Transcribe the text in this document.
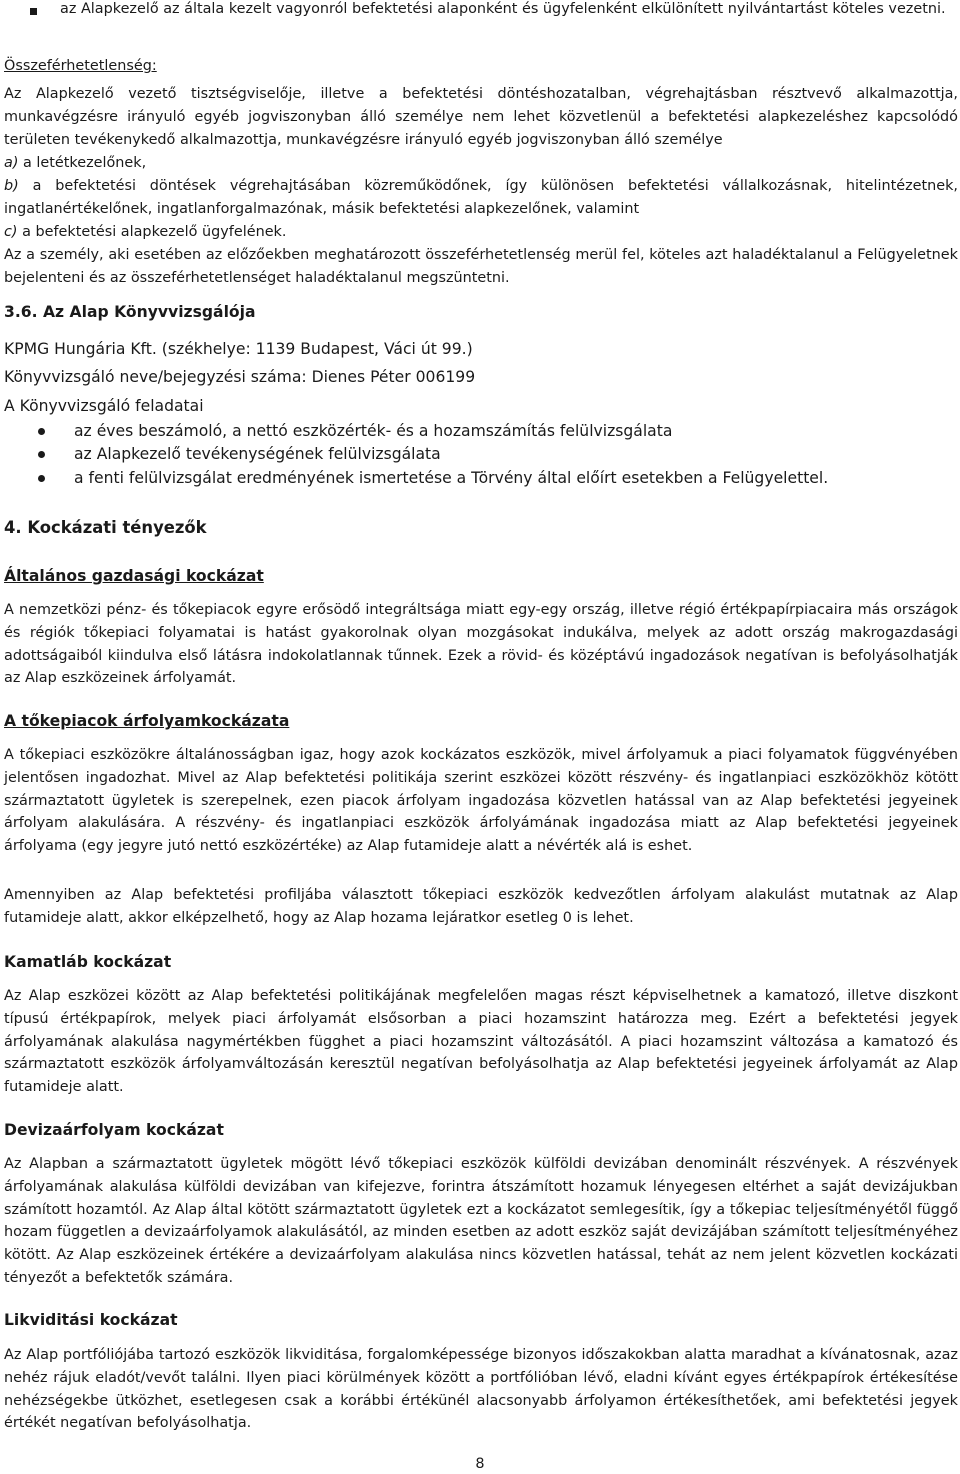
az Alapkezelő az általa kezelt vagyonról befektetési alaponként és ügyfelenként elkülönített nyilvántartást köteles vezetni.

Összeférhetetlenség:

Az Alapkezelő vezető tisztségviselője, illetve a befektetési döntéshozatalban, végrehajtásban résztvevő alkalmazottja, munkavégzésre irányuló egyéb jogviszonyban álló személye nem lehet közvetlenül a befektetési alapkezeléshez kapcsolódó területen tevékenykedő alkalmazottja, munkavégzésre irányuló egyéb jogviszonyban álló személye

a) a letétkezelőnek,

b) a befektetési döntések végrehajtásában közreműködőnek, így különösen befektetési vállalkozásnak, hitelintézetnek, ingatlanértékelőnek, ingatlanforgalmazónak, másik befektetési alapkezelőnek, valamint

c) a befektetési alapkezelő ügyfelének.

Az a személy, aki esetében az előzőekben meghatározott összeférhetetlenség merül fel, köteles azt haladéktalanul a Felügyeletnek bejelenteni és az összeférhetetlenséget haladéktalanul megszüntetni.

3.6. Az Alap Könyvvizsgálója

KPMG Hungária Kft. (székhelye: 1139 Budapest, Váci út 99.)

Könyvvizsgáló neve/bejegyzési száma: Dienes Péter 006199

A Könyvvizsgáló feladatai

az éves beszámoló, a nettó eszközérték- és a hozamszámítás felülvizsgálata
az Alapkezelő tevékenységének felülvizsgálata
a fenti felülvizsgálat eredményének ismertetése a Törvény által előírt esetekben a Felügyelettel.

4. Kockázati tényezők

Általános gazdasági kockázat

A nemzetközi pénz- és tőkepiacok egyre erősödő integráltsága miatt egy-egy ország, illetve régió értékpapírpiacaira más országok és régiók tőkepiaci folyamatai is hatást gyakorolnak olyan mozgásokat indukálva, melyek az adott ország makrogazdasági adottságaiból kiindulva első látásra indokolatlannak tűnnek. Ezek a rövid- és középtávú ingadozások negatívan is befolyásolhatják az Alap eszközeinek árfolyamát.

A tőkepiacok árfolyamkockázata

A tőkepiaci eszközökre általánosságban igaz, hogy azok kockázatos eszközök, mivel árfolyamuk a piaci folyamatok függvényében jelentősen ingadozhat. Mivel az Alap befektetési politikája szerint eszközei között részvény- és ingatlanpiaci eszközökhöz kötött származtatott ügyletek is szerepelnek, ezen piacok árfolyam ingadozása közvetlen hatással van az Alap befektetési jegyeinek árfolyam alakulására. A részvény- és ingatlanpiaci eszközök árfolyámának ingadozása miatt az Alap befektetési jegyeinek árfolyama (egy jegyre jutó nettó eszközértéke) az Alap futamideje alatt a névérték alá is eshet.

Amennyiben az Alap befektetési profiljába választott tőkepiaci eszközök kedvezőtlen árfolyam alakulást mutatnak az Alap futamideje alatt, akkor elképzelhető, hogy az Alap hozama lejáratkor esetleg 0 is lehet.

Kamatláb kockázat

Az Alap eszközei között az Alap befektetési politikájának megfelelően magas részt képviselhetnek a kamatozó, illetve diszkont típusú értékpapírok, melyek piaci árfolyamát elsősorban a piaci hozamszint határozza meg. Ezért a befektetési jegyek árfolyamának alakulása nagymértékben függhet a piaci hozamszint változásától. A piaci hozamszint változása a kamatozó és származtatott eszközök árfolyamváltozásán keresztül negatívan befolyásolhatja az Alap befektetési jegyeinek árfolyamát az Alap futamideje alatt.

Devizaárfolyam kockázat

Az Alapban a származtatott ügyletek mögött lévő tőkepiaci eszközök külföldi devizában denominált részvények. A részvények árfolyamának alakulása külföldi devizában van kifejezve, forintra átszámított hozamuk lényegesen eltérhet a saját devizájukban számított hozamtól. Az Alap által kötött származtatott ügyletek ezt a kockázatot semlegesítik, így a tőkepiac teljesítményétől függő hozam független a devizaárfolyamok alakulásától, az minden esetben az adott eszköz saját devizájában számított teljesítményéhez kötött. Az Alap eszközeinek értékére a devizaárfolyam alakulása nincs közvetlen hatással, tehát az nem jelent közvetlen kockázati tényezőt a befektetők számára.

Likviditási kockázat

Az Alap portfóliójába tartozó eszközök likviditása, forgalomképessége bizonyos időszakokban alatta maradhat a kívánatosnak, azaz nehéz rájuk eladót/vevőt találni. Ilyen piaci körülmények között a portfólióban lévő, eladni kívánt egyes értékpapírok értékesítése nehézségekbe ütközhet, esetlegesen csak a korábbi értékünél alacsonyabb árfolyamon értékesíthetőek, ami befektetési jegyek értékét negatívan befolyásolhatja.

8
